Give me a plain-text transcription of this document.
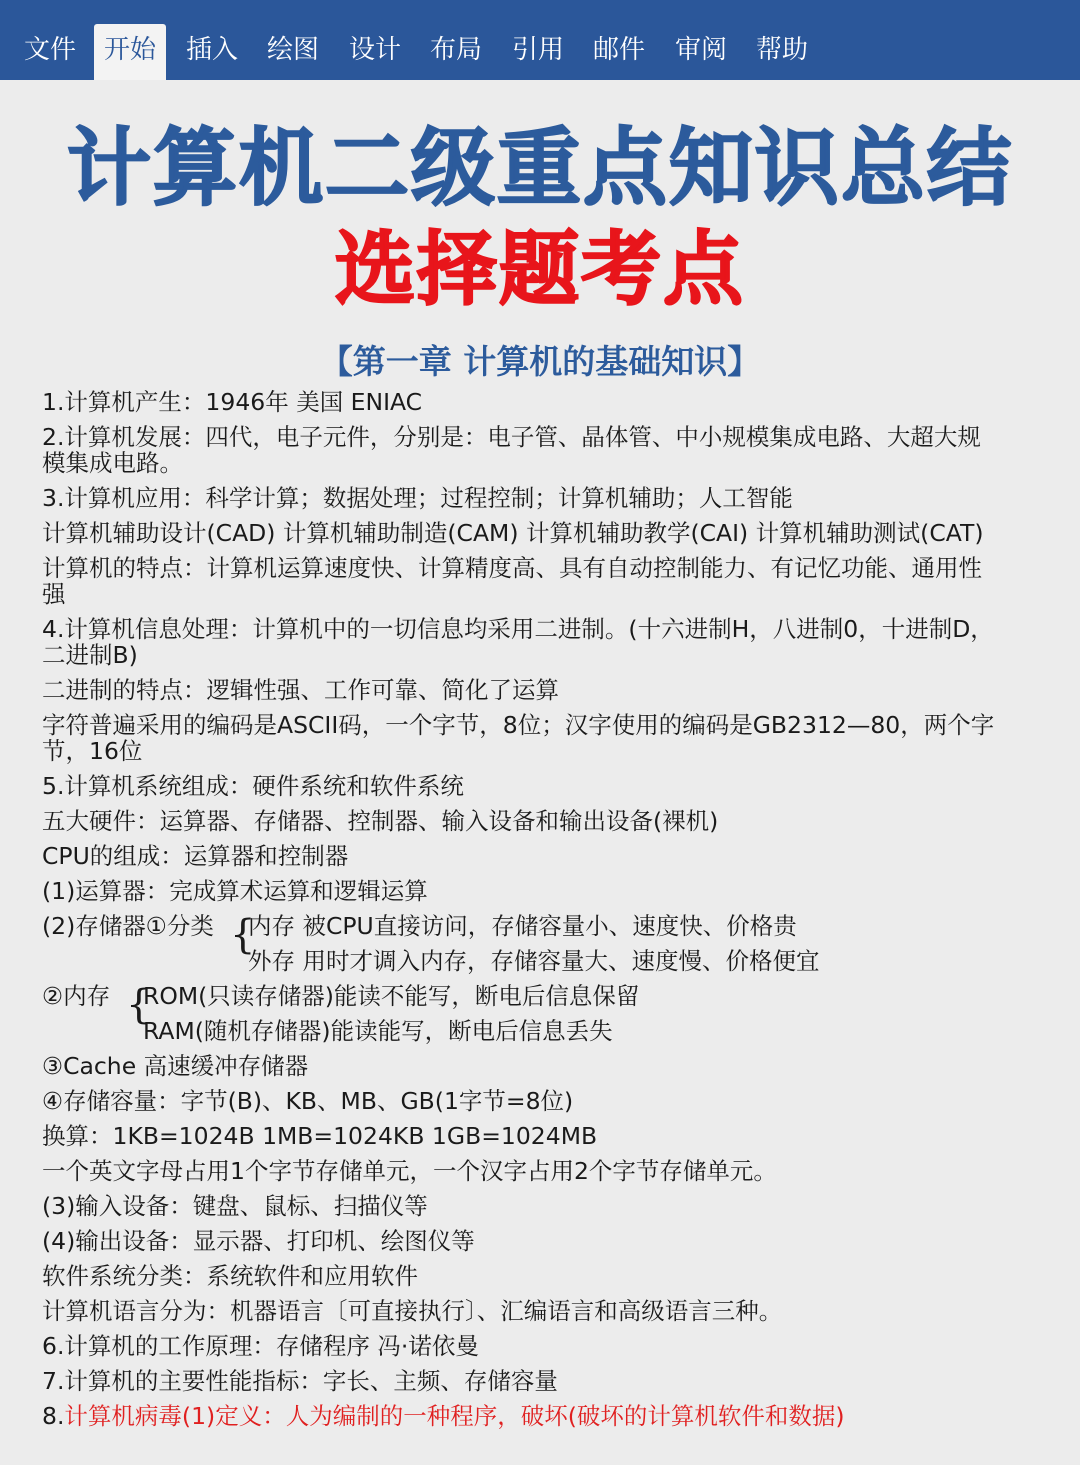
文件	开始	插入	绘图	设计	布局	引用	邮件	审阅	帮助
计算机二级重点知识总结
选择题考点
【第一章 计算机的基础知识】
1.计算机产生：1946年 美国 ENIAC
2.计算机发展：四代，电子元件，分别是：电子管、晶体管、中小规模集成电路、大超大规
模集成电路。
3.计算机应用：科学计算；数据处理；过程控制；计算机辅助；人工智能
计算机辅助设计(CAD) 计算机辅助制造(CAM) 计算机辅助教学(CAI) 计算机辅助测试(CAT)
计算机的特点：计算机运算速度快、计算精度高、具有自动控制能力、有记忆功能、通用性
强
4.计算机信息处理：计算机中的一切信息均采用二进制。(十六进制H，八进制0，十进制D，
二进制B)
二进制的特点：逻辑性强、工作可靠、简化了运算
字符普遍采用的编码是ASCII码，一个字节，8位；汉字使用的编码是GB2312—80，两个字
节，16位
5.计算机系统组成：硬件系统和软件系统
五大硬件：运算器、存储器、控制器、输入设备和输出设备(裸机)
CPU的组成：运算器和控制器
(1)运算器：完成算术运算和逻辑运算
(2)存储器①分类 {
内存 被CPU直接访问，存储容量小、速度快、价格贵
外存 用时才调入内存，存储容量大、速度慢、价格便宜
②内存 {
ROM(只读存储器)能读不能写，断电后信息保留
RAM(随机存储器)能读能写，断电后信息丢失
③Cache 高速缓冲存储器
④存储容量：字节(B)、KB、MB、GB(1字节=8位)
换算：1KB=1024B 1MB=1024KB 1GB=1024MB
一个英文字母占用1个字节存储单元，一个汉字占用2个字节存储单元。
(3)输入设备：键盘、鼠标、扫描仪等
(4)输出设备：显示器、打印机、绘图仪等
软件系统分类：系统软件和应用软件
计算机语言分为：机器语言〔可直接执行〕、汇编语言和高级语言三种。
6.计算机的工作原理：存储程序 冯·诺依曼
7.计算机的主要性能指标：字长、主频、存储容量
8.计算机病毒(1)定义：人为编制的一种程序，破坏(破坏的计算机软件和数据)
